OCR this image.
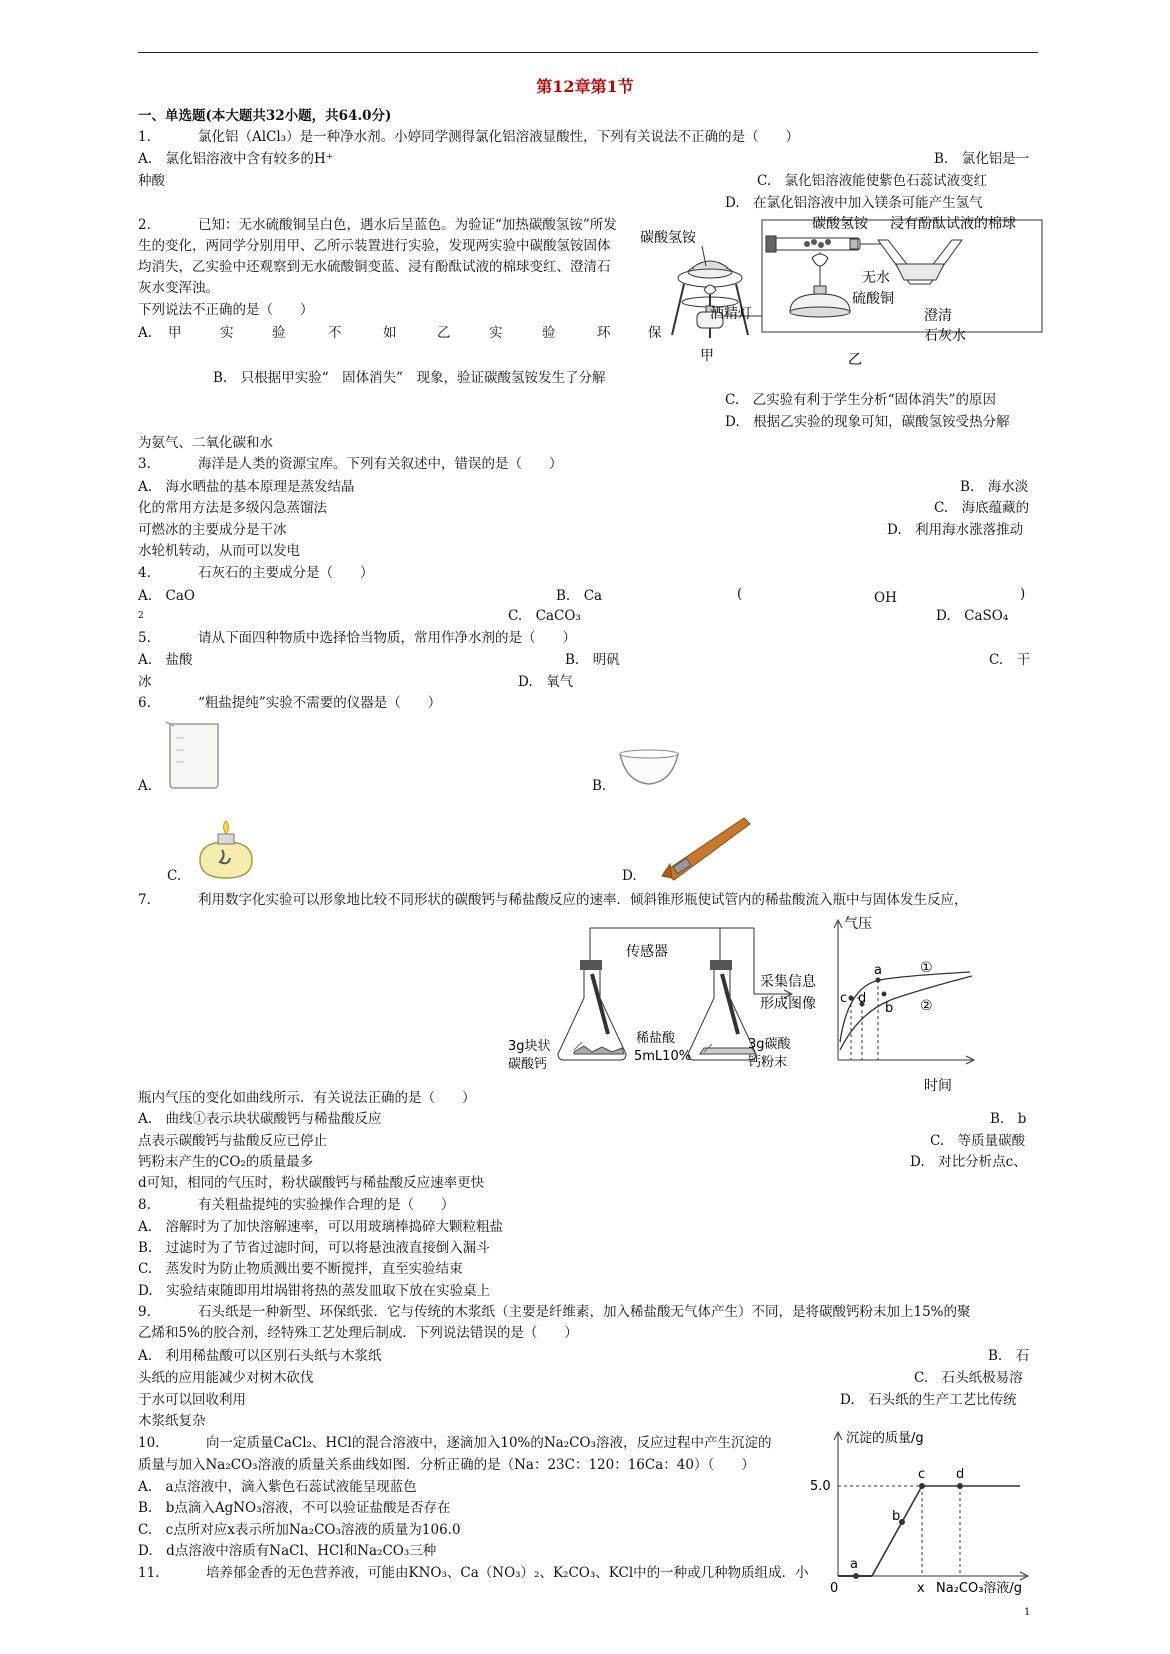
第12章第1节
一、单选题(本大题共32小题，共64.0分)
1.	氯化铝（AlCl₃）是一种净水剂。小婷同学测得氯化铝溶液显酸性，下列有关说法不正确的是（　　）
A.　氯化铝溶液中含有较多的H⁺	B.　氯化铝是一
种酸	C.　氯化铝溶液能使紫色石蕊试液变红
D.　在氯化铝溶液中加入镁条可能产生氢气
2.	已知：无水硫酸铜呈白色，遇水后呈蓝色。为验证“加热碳酸氢铵”所发
生的变化，两同学分别用甲、乙所示装置进行实验，发现两实验中碳酸氢铵固体
均消失，乙实验中还观察到无水硫酸铜变蓝、浸有酚酞试液的棉球变红、澄清石
灰水变浑浊。
下列说法不正确的是（　　）
A. 甲	实	验	不	如	乙	实	验	环	保
B.　只根据甲实验“　固体消失”　现象，验证碳酸氢铵发生了分解
C.　乙实验有利于学生分析“固体消失”的原因
D.　根据乙实验的现象可知，碳酸氢铵受热分解
为氨气、二氧化碳和水
碳酸氢铵
酒精灯
甲
碳酸氢铵 浸有酚酞试液的棉球
无水
硫酸铜
澄清
石灰水
乙
3.	海洋是人类的资源宝库。下列有关叙述中，错误的是（　　）
A.　海水晒盐的基本原理是蒸发结晶	B.　海水淡
化的常用方法是多级闪急蒸馏法	C.　海底蕴藏的
可燃冰的主要成分是干冰	D.　利用海水涨落推动
水轮机转动，从而可以发电
4.	石灰石的主要成分是（　　）
A.　CaO	B.　Ca	(	OH	)
2	C.　CaCO₃	D.　CaSO₄
5.	请从下面四种物质中选择恰当物质，常用作净水剂的是（　　）
A.　盐酸	B.　明矾	C.　干
冰	D.　氧气
6.	“粗盐提纯”实验不需要的仪器是（　　）
A.	B.
C.	D.
7.	利用数字化实验可以形象地比较不同形状的碳酸钙与稀盐酸反应的速率．倾斜锥形瓶使试管内的稀盐酸流入瓶中与固体发生反应，
瓶内气压的变化如曲线所示．有关说法正确的是（　　）
A.　曲线①表示块状碳酸钙与稀盐酸反应	B.　b
点表示碳酸钙与盐酸反应已停止	C.　等质量碳酸
钙粉末产生的CO₂的质量最多	D.　对比分析点c、
d可知，相同的气压时，粉状碳酸钙与稀盐酸反应速率更快
传感器
采集信息
形成图像
3g块状
碳酸钙
稀盐酸
5mL10%
3g碳酸
钙粉末
气压
时间
①
②
a
b
c d
8.	有关粗盐提纯的实验操作合理的是（　　）
A.　溶解时为了加快溶解速率，可以用玻璃棒捣碎大颗粒粗盐
B.　过滤时为了节省过滤时间，可以将悬浊液直接倒入漏斗
C.　蒸发时为防止物质溅出要不断搅拌，直至实验结束
D.　实验结束随即用坩埚钳将热的蒸发皿取下放在实验桌上
9.	石头纸是一种新型、环保纸张．它与传统的木浆纸（主要是纤维素，加入稀盐酸无气体产生）不同，是将碳酸钙粉末加上15%的聚
乙烯和5%的胶合剂，经特殊工艺处理后制成．下列说法错误的是（　　）
A.　利用稀盐酸可以区别石头纸与木浆纸	B.　石
头纸的应用能减少对树木砍伐	C.　石头纸极易溶
于水可以回收利用	D.　石头纸的生产工艺比传统
木浆纸复杂
10.	向一定质量CaCl₂、HCl的混合溶液中，逐滴加入10%的Na₂CO₃溶液，反应过程中产生沉淀的
质量与加入Na₂CO₃溶液的质量关系曲线如图．分析正确的是（Na：23C：120：16Ca：40）（　　）
A.　a点溶液中，滴入紫色石蕊试液能呈现蓝色
B.　b点滴入AgNO₃溶液，不可以验证盐酸是否存在
C.　c点所对应x表示所加Na₂CO₃溶液的质量为106.0
D.　d点溶液中溶质有NaCl、HCl和Na₂CO₃三种
沉淀的质量/g
5.0
Na₂CO₃溶液/g
x
0
a
b
c d
11.	培养郁金香的无色营养液，可能由KNO₃、Ca（NO₃）₂、K₂CO₃、KCl中的一种或几种物质组成．小
1
